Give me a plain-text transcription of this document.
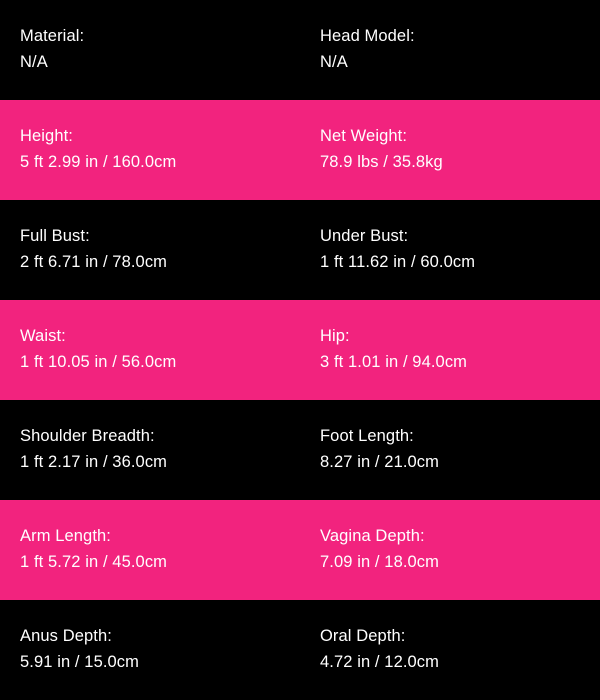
Material:
N/A
Head Model:
N/A
Height:
5 ft 2.99 in / 160.0cm
Net Weight:
78.9 lbs / 35.8kg
Full Bust:
2 ft 6.71 in / 78.0cm
Under Bust:
1 ft 11.62 in / 60.0cm
Waist:
1 ft 10.05 in / 56.0cm
Hip:
3 ft 1.01 in / 94.0cm
Shoulder Breadth:
1 ft 2.17 in / 36.0cm
Foot Length:
8.27 in / 21.0cm
Arm Length:
1 ft 5.72 in / 45.0cm
Vagina Depth:
7.09 in / 18.0cm
Anus Depth:
5.91 in / 15.0cm
Oral Depth:
4.72 in / 12.0cm
